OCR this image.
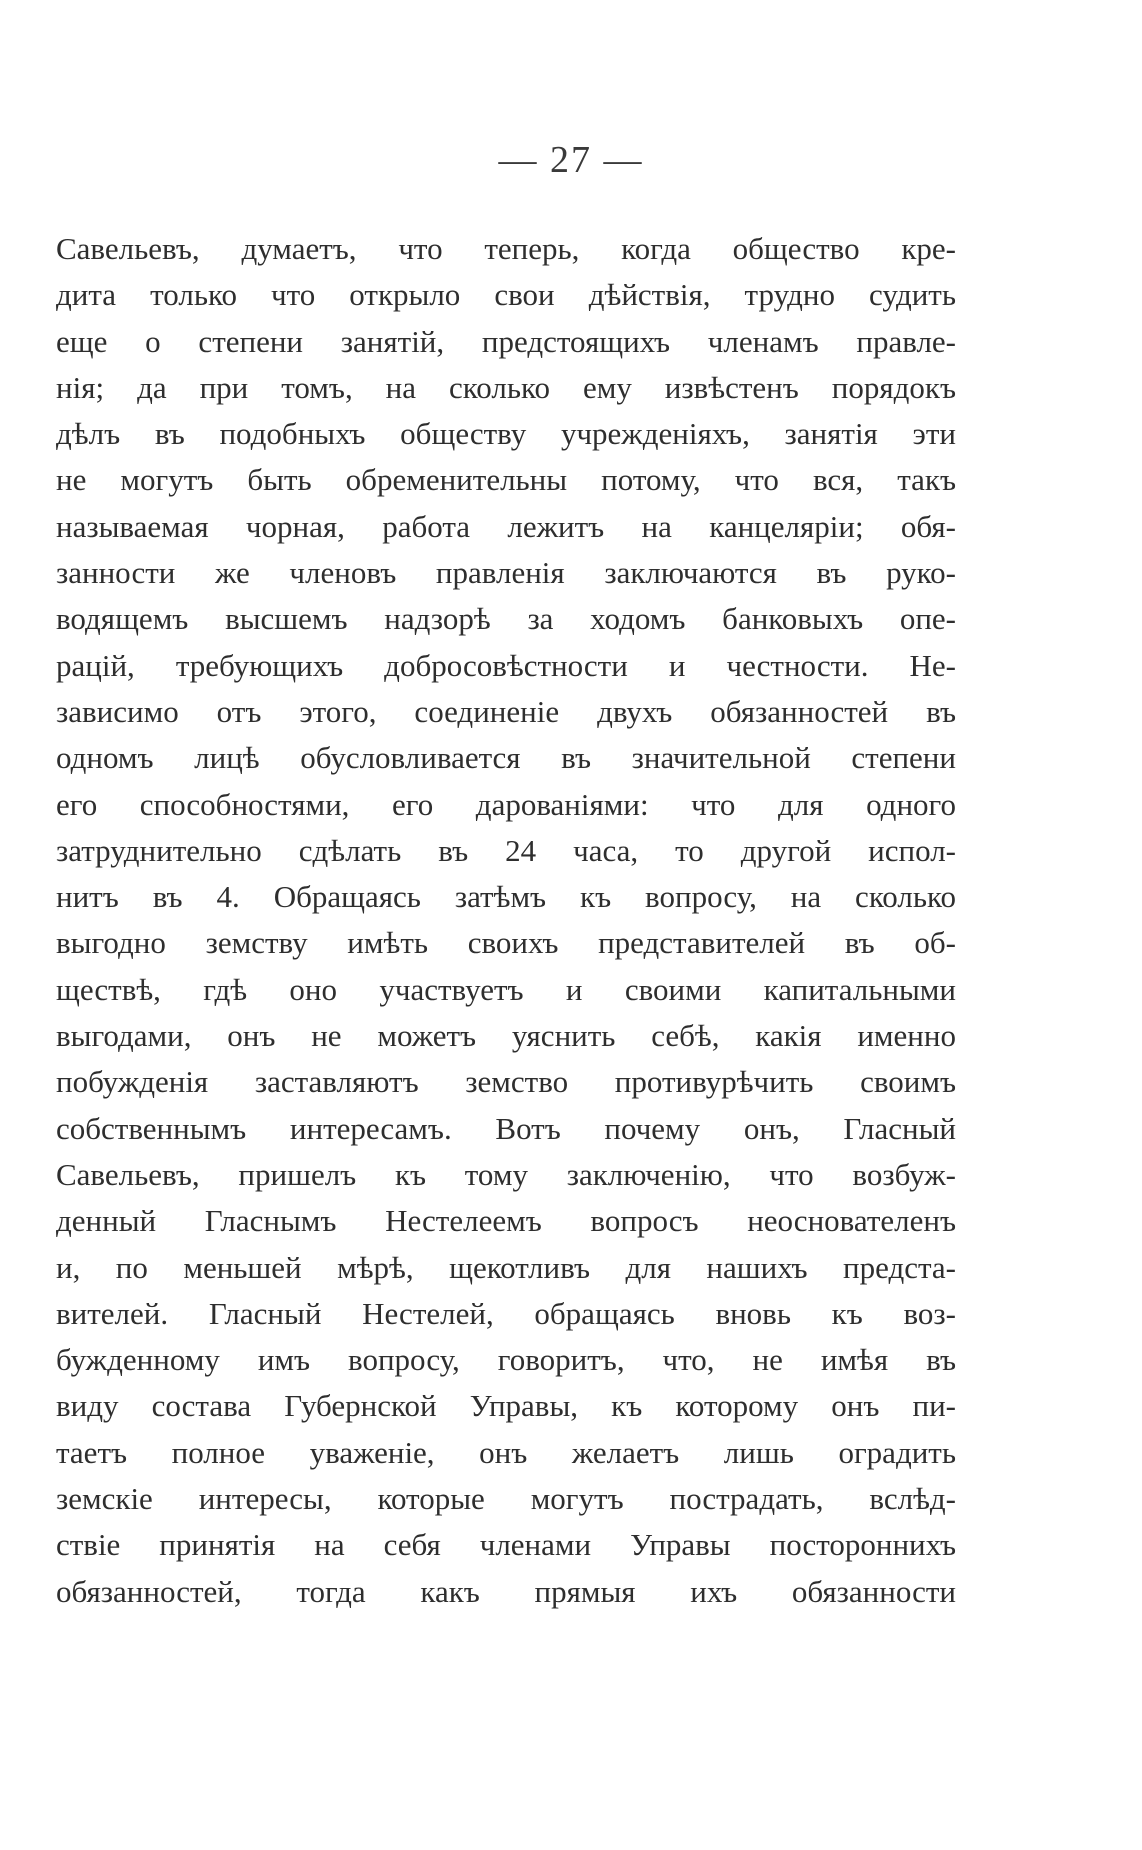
— 27 —
Савельевъ, думаетъ, что теперь, когда общество кре-
дита только что открыло свои дѣйствія, трудно судить
еще о степени занятій, предстоящихъ членамъ правле-
нія; да при томъ, на сколько ему извѣстенъ порядокъ
дѣлъ въ подобныхъ обществу учрежденіяхъ, занятія эти
не могутъ быть обременительны потому, что вся, такъ
называемая чорная, работа лежитъ на канцеляріи; обя-
занности же членовъ правленія заключаются въ руко-
водящемъ высшемъ надзорѣ за ходомъ банковыхъ опе-
рацій, требующихъ добросовѣстности и честности. Не-
зависимо отъ этого, соединеніе двухъ обязанностей въ
одномъ лицѣ обусловливается въ значительной степени
его способностями, его дарованіями: что для одного
затруднительно сдѣлать въ 24 часа, то другой испол-
нитъ въ 4. Обращаясь затѣмъ къ вопросу, на сколько
выгодно земству имѣть своихъ представителей въ об-
ществѣ, гдѣ оно участвуетъ и своими капитальными
выгодами, онъ не можетъ уяснить себѣ, какія именно
побужденія заставляютъ земство противурѣчить своимъ
собственнымъ интересамъ. Вотъ почему онъ, Гласный
Савельевъ, пришелъ къ тому заключенію, что возбуж-
денный Гласнымъ Нестелеемъ вопросъ неоснователенъ
и, по меньшей мѣрѣ, щекотливъ для нашихъ предста-
вителей. Гласный Нестелей, обращаясь вновь къ воз-
бужденному имъ вопросу, говоритъ, что, не имѣя въ
виду состава Губернской Управы, къ которому онъ пи-
таетъ полное уваженіе, онъ желаетъ лишь оградить
земскіе интересы, которые могутъ пострадать, вслѣд-
ствіе принятія на себя членами Управы постороннихъ
обязанностей, тогда какъ прямыя ихъ обязанности
